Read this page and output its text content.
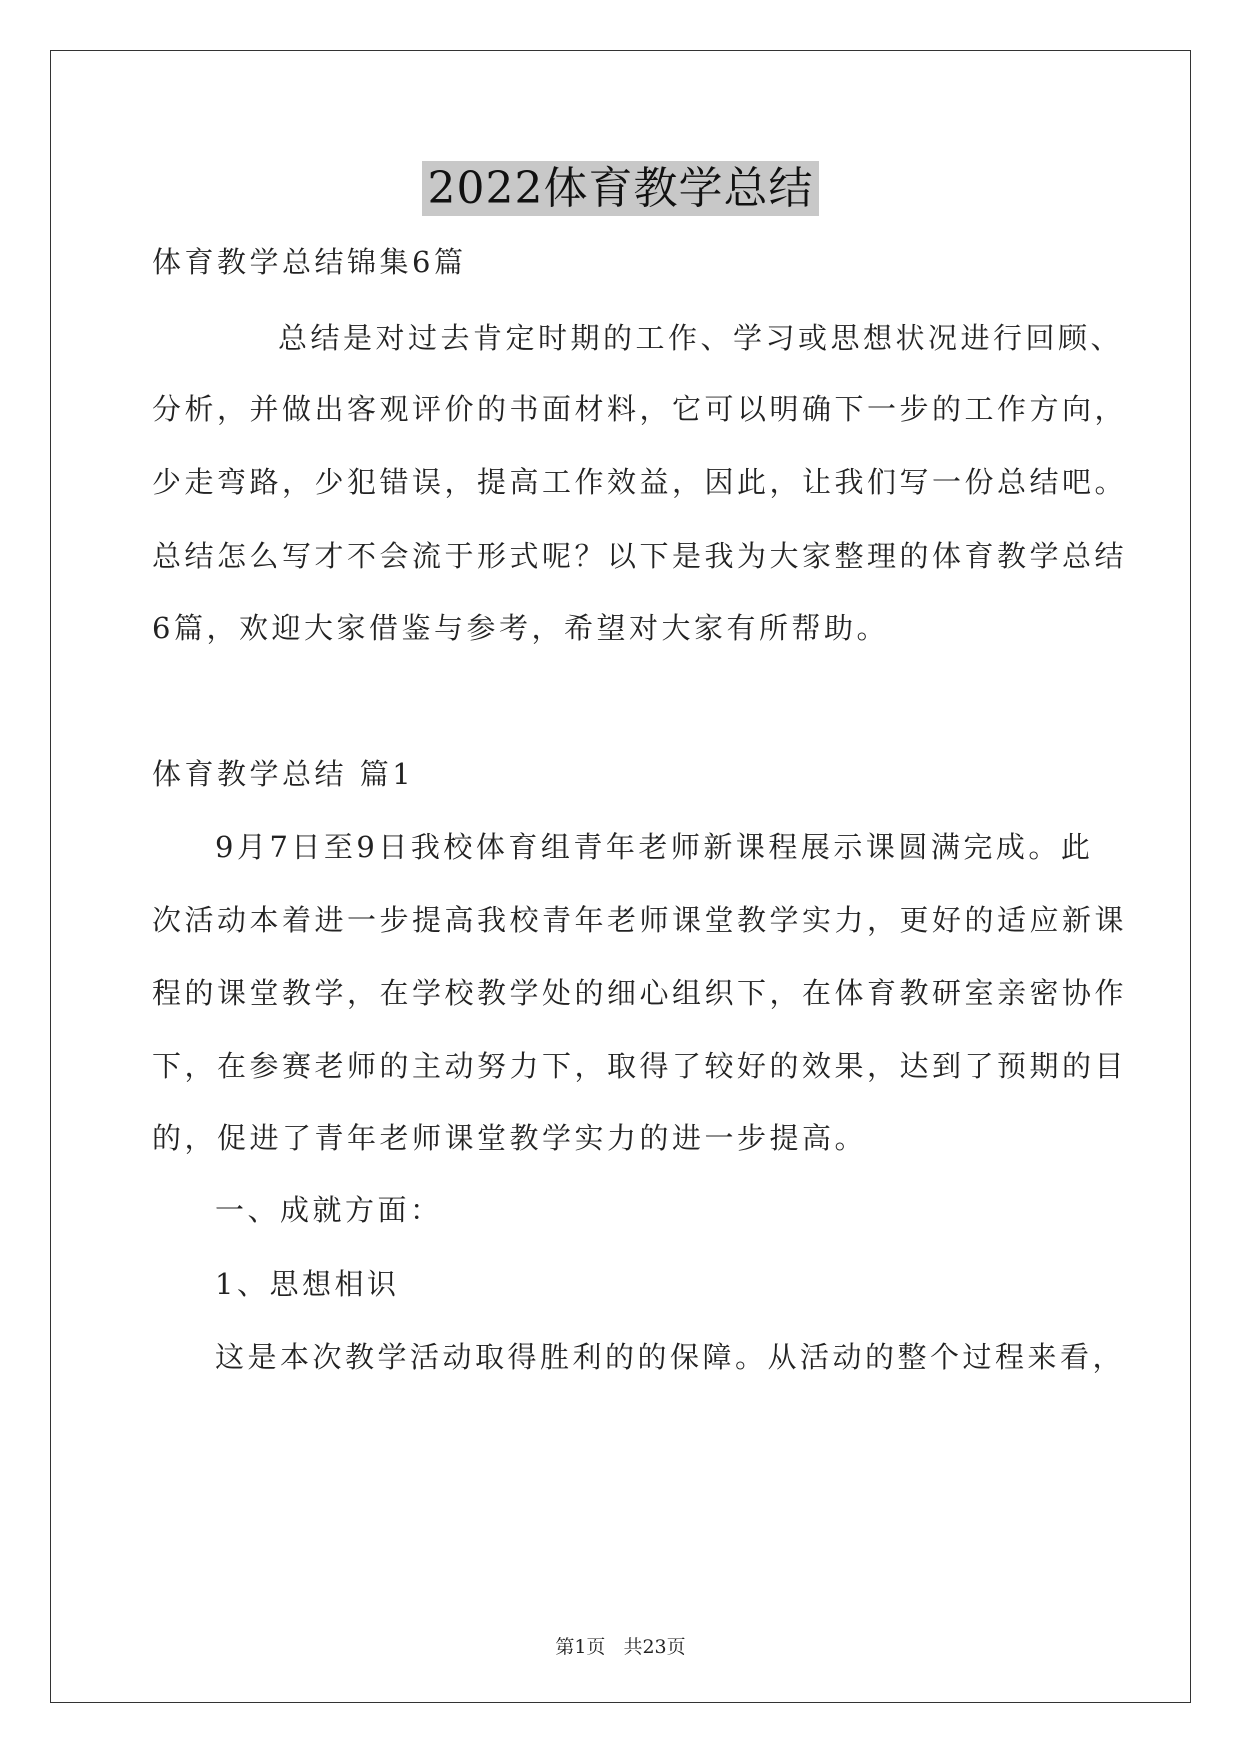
2022体育教学总结
体育教学总结锦集6篇
总结是对过去肯定时期的工作、学习或思想状况进行回顾、
分析，并做出客观评价的书面材料，它可以明确下一步的工作方向，
少走弯路，少犯错误，提高工作效益，因此，让我们写一份总结吧。
总结怎么写才不会流于形式呢？以下是我为大家整理的体育教学总结
6篇，欢迎大家借鉴与参考，希望对大家有所帮助。
体育教学总结 篇1
9月7日至9日我校体育组青年老师新课程展示课圆满完成。此
次活动本着进一步提高我校青年老师课堂教学实力，更好的适应新课
程的课堂教学，在学校教学处的细心组织下，在体育教研室亲密协作
下，在参赛老师的主动努力下，取得了较好的效果，达到了预期的目
的，促进了青年老师课堂教学实力的进一步提高。
一、成就方面：
1、思想相识
这是本次教学活动取得胜利的的保障。从活动的整个过程来看，
第1页 共23页
